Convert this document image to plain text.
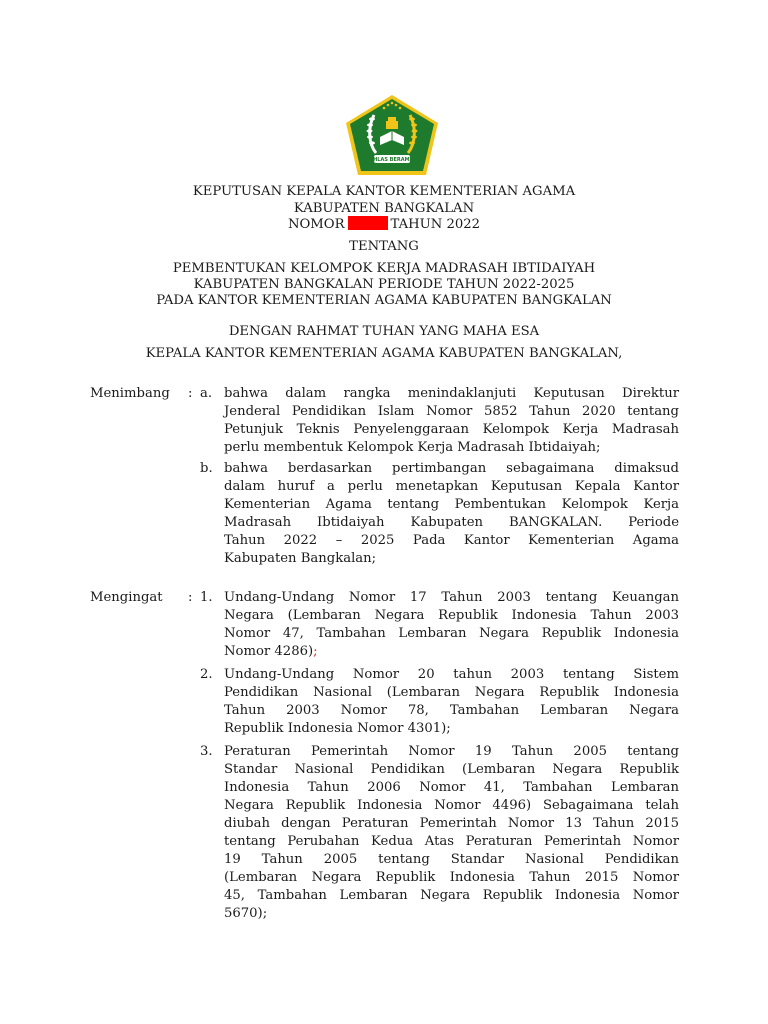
IKHLAS BERAMAL
KEPUTUSAN KEPALA KANTOR KEMENTERIAN AGAMA
KABUPATEN BANGKALAN
NOMOR	TAHUN 2022
TENTANG
PEMBENTUKAN KELOMPOK KERJA MADRASAH IBTIDAIYAH
KABUPATEN BANGKALAN PERIODE TAHUN 2022-2025
PADA KANTOR KEMENTERIAN AGAMA KABUPATEN BANGKALAN
DENGAN RAHMAT TUHAN YANG MAHA ESA
KEPALA KANTOR KEMENTERIAN AGAMA KABUPATEN BANGKALAN,
Menimbang : a. bahwa dalam rangka menindaklanjuti Keputusan Direktur
Jenderal Pendidikan Islam Nomor 5852 Tahun 2020 tentang
Petunjuk Teknis Penyelenggaraan Kelompok Kerja Madrasah
perlu membentuk Kelompok Kerja Madrasah Ibtidaiyah;
b. bahwa berdasarkan pertimbangan sebagaimana dimaksud
dalam huruf a perlu menetapkan Keputusan Kepala Kantor
Kementerian Agama tentang Pembentukan Kelompok Kerja
Madrasah Ibtidaiyah Kabupaten BANGKALAN. Periode
Tahun 2022 – 2025 Pada Kantor Kementerian Agama
Kabupaten Bangkalan;
Mengingat : 1. Undang-Undang Nomor 17 Tahun 2003 tentang Keuangan
Negara (Lembaran Negara Republik Indonesia Tahun 2003
Nomor 47, Tambahan Lembaran Negara Republik Indonesia
Nomor 4286);
2. Undang-Undang Nomor 20 tahun 2003 tentang Sistem
Pendidikan Nasional (Lembaran Negara Republik Indonesia
Tahun 2003 Nomor 78, Tambahan Lembaran Negara
Republik Indonesia Nomor 4301);
3. Peraturan Pemerintah Nomor 19 Tahun 2005 tentang
Standar Nasional Pendidikan (Lembaran Negara Republik
Indonesia Tahun 2006 Nomor 41, Tambahan Lembaran
Negara Republik Indonesia Nomor 4496) Sebagaimana telah
diubah dengan Peraturan Pemerintah Nomor 13 Tahun 2015
tentang Perubahan Kedua Atas Peraturan Pemerintah Nomor
19 Tahun 2005 tentang Standar Nasional Pendidikan
(Lembaran Negara Republik Indonesia Tahun 2015 Nomor
45, Tambahan Lembaran Negara Republik Indonesia Nomor
5670);
